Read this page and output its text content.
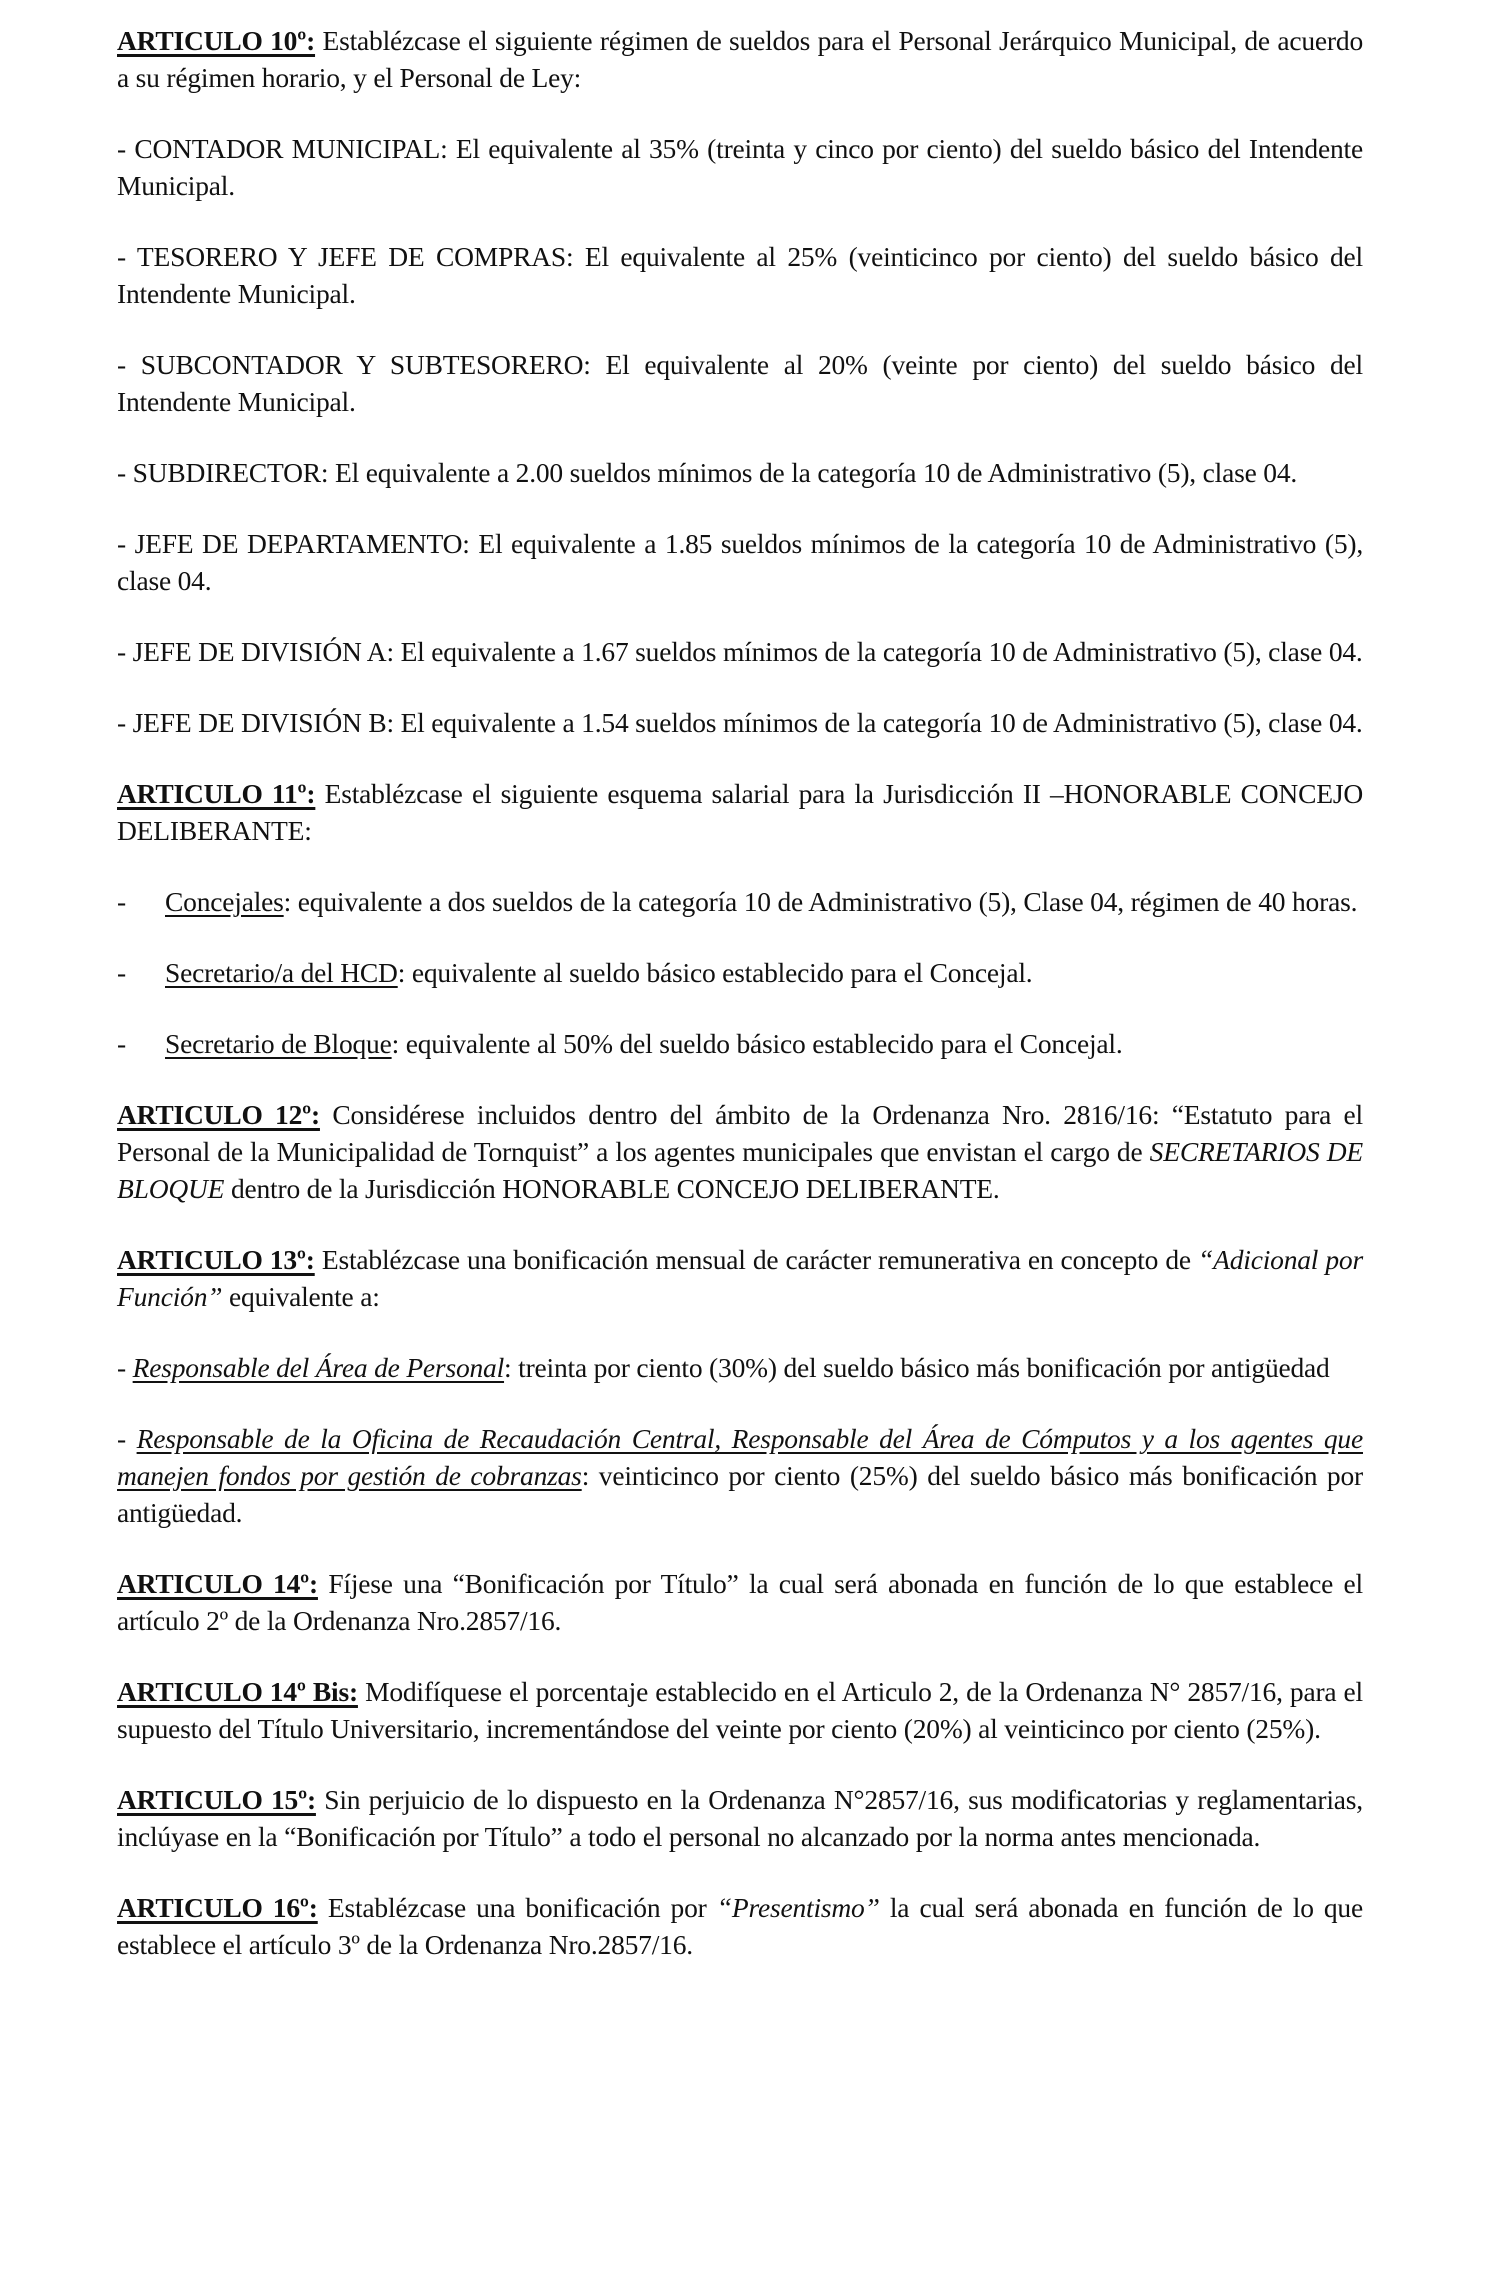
ARTICULO 10º: Establézcase el siguiente régimen de sueldos para el Personal Jerárquico Municipal, de acuerdo a su régimen horario, y el Personal de Ley:

- CONTADOR MUNICIPAL: El equivalente al 35% (treinta y cinco por ciento) del sueldo básico del Intendente Municipal.

- TESORERO Y JEFE DE COMPRAS: El equivalente al 25% (veinticinco por ciento) del sueldo básico del Intendente Municipal.

- SUBCONTADOR Y SUBTESORERO: El equivalente al 20% (veinte por ciento) del sueldo básico del Intendente Municipal.

- SUBDIRECTOR: El equivalente a 2.00 sueldos mínimos de la categoría 10 de Administrativo (5), clase 04.

- JEFE DE DEPARTAMENTO: El equivalente a 1.85 sueldos mínimos de la categoría 10 de Administrativo (5), clase 04.

- JEFE DE DIVISIÓN A: El equivalente a 1.67 sueldos mínimos de la categoría 10 de Administrativo (5), clase 04.

- JEFE DE DIVISIÓN B: El equivalente a 1.54 sueldos mínimos de la categoría 10 de Administrativo (5), clase 04.

ARTICULO 11º: Establézcase el siguiente esquema salarial para la Jurisdicción II –HONORABLE CONCEJO DELIBERANTE:

- Concejales: equivalente a dos sueldos de la categoría 10 de Administrativo (5), Clase 04, régimen de 40 horas.
- Secretario/a del HCD: equivalente al sueldo básico establecido para el Concejal.
- Secretario de Bloque: equivalente al 50% del sueldo básico establecido para el Concejal.

ARTICULO 12º: Considérese incluidos dentro del ámbito de la Ordenanza Nro. 2816/16: “Estatuto para el Personal de la Municipalidad de Tornquist” a los agentes municipales que envistan el cargo de SECRETARIOS DE BLOQUE dentro de la Jurisdicción HONORABLE CONCEJO DELIBERANTE.

ARTICULO 13º: Establézcase una bonificación mensual de carácter remunerativa en concepto de “Adicional por Función” equivalente a:

- Responsable del Área de Personal: treinta por ciento (30%) del sueldo básico más bonificación por antigüedad

- Responsable de la Oficina de Recaudación Central, Responsable del Área de Cómputos y a los agentes que manejen fondos por gestión de cobranzas: veinticinco por ciento (25%) del sueldo básico más bonificación por antigüedad.

ARTICULO 14º: Fíjese una “Bonificación por Título” la cual será abonada en función de lo que establece el artículo 2º de la Ordenanza Nro.2857/16.

ARTICULO 14º Bis: Modifíquese el porcentaje establecido en el Articulo 2, de la Ordenanza N° 2857/16, para el supuesto del Título Universitario, incrementándose del veinte por ciento (20%) al veinticinco por ciento (25%).

ARTICULO 15º: Sin perjuicio de lo dispuesto en la Ordenanza N°2857/16, sus modificatorias y reglamentarias, inclúyase en la “Bonificación por Título” a todo el personal no alcanzado por la norma antes mencionada.

ARTICULO 16º: Establézcase una bonificación por “Presentismo” la cual será abonada en función de lo que establece el artículo 3º de la Ordenanza Nro.2857/16.
